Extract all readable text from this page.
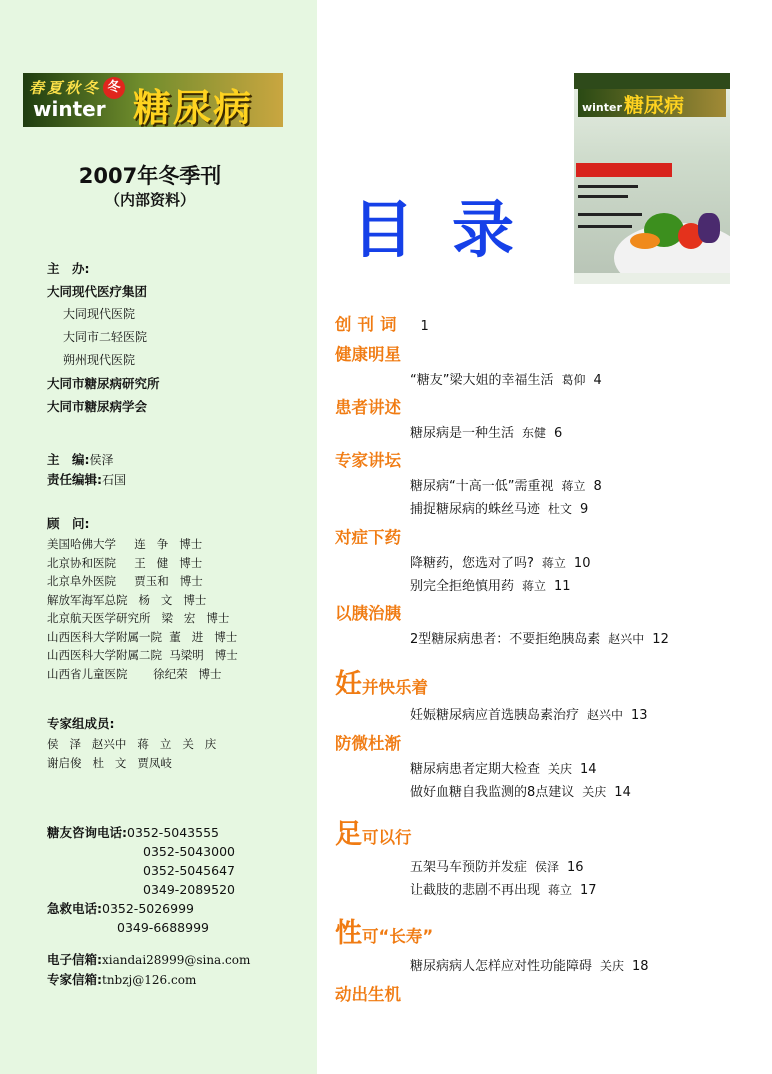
春夏秋冬
winter
冬 糖尿病
2007年冬季刊
（内部资料）
主　办:
大同现代医疗集团
大同现代医院
大同市二轻医院
朔州现代医院
大同市糖尿病研究所
大同市糖尿病学会
主　编:侯泽
责任编辑:石国
顾　问:
美国哈佛大学     连   争   博士
北京协和医院     王   健   博士
北京阜外医院     贾玉和   博士
解放军海军总院   杨   文   博士
北京航天医学研究所   梁   宏   博士
山西医科大学附属一院  董   进   博士
山西医科大学附属二院  马梁明   博士
山西省儿童医院       徐纪荣   博士
专家组成员:
侯   泽   赵兴中   蒋   立   关   庆
谢启俊   杜   文   贾凤岐
糖友咨询电话:0352-5043555
0352-5043000
0352-5045647
0349-2089520
急救电话:0352-5026999
0349-6688999
电子信箱:xiandai28999@sina.com
专家信箱:tnbzj@126.com
目录
winter 糖尿病
创刊词 1
健康明星
“糖友”梁大姐的幸福生活 葛仰 4
患者讲述
糖尿病是一种生活 东健 6
专家讲坛
糖尿病“十高一低”需重视 蒋立 8
捕捉糖尿病的蛛丝马迹 杜文 9
对症下药
降糖药，您选对了吗? 蒋立 10
别完全拒绝慎用药 蒋立 11
以胰治胰
2型糖尿病患者：不要拒绝胰岛素 赵兴中 12
妊并快乐着
妊娠糖尿病应首选胰岛素治疗 赵兴中 13
防微杜渐
糖尿病患者定期大检查 关庆 14
做好血糖自我监测的8点建议 关庆 14
足可以行
五架马车预防并发症 侯泽 16
让截肢的悲剧不再出现 蒋立 17
性可“长寿”
糖尿病病人怎样应对性功能障碍 关庆 18
动出生机
